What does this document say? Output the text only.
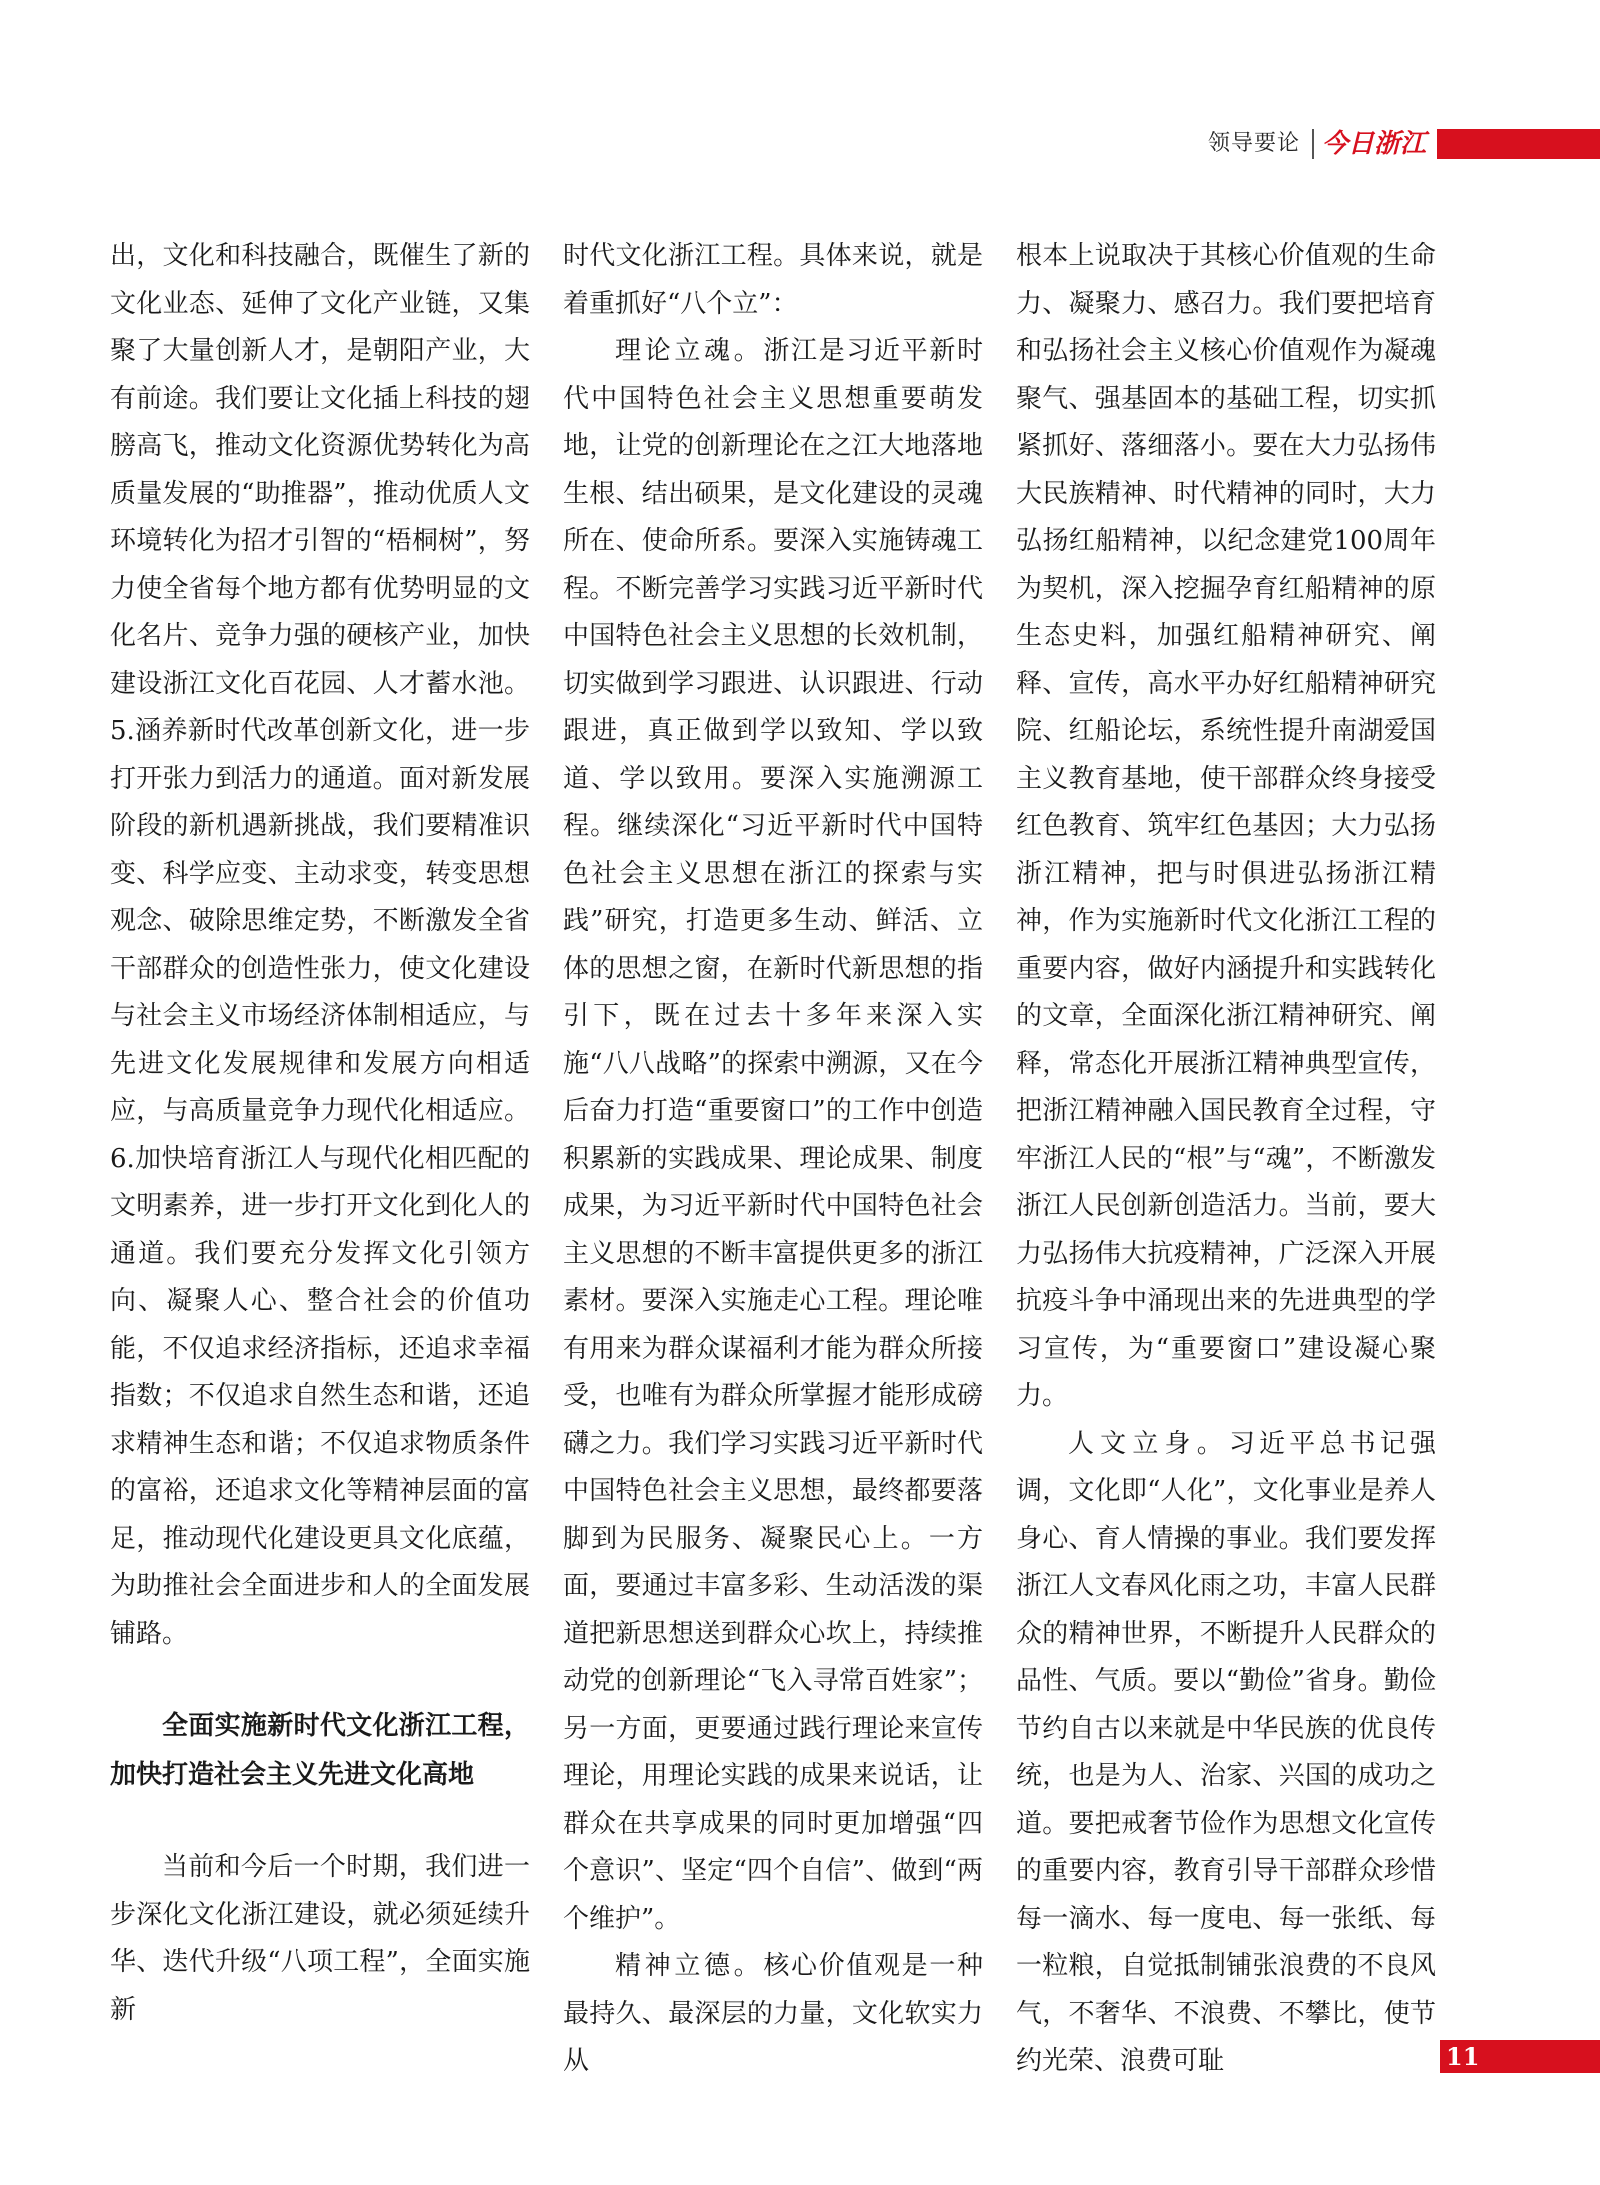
领导要论 今日浙江

出，文化和科技融合，既催生了新的文化业态、延伸了文化产业链，又集聚了大量创新人才，是朝阳产业，大有前途。我们要让文化插上科技的翅膀高飞，推动文化资源优势转化为高质量发展的“助推器”，推动优质人文环境转化为招才引智的“梧桐树”，努力使全省每个地方都有优势明显的文化名片、竞争力强的硬核产业，加快建设浙江文化百花园、人才蓄水池。5.涵养新时代改革创新文化，进一步打开张力到活力的通道。面对新发展阶段的新机遇新挑战，我们要精准识变、科学应变、主动求变，转变思想观念、破除思维定势，不断激发全省干部群众的创造性张力，使文化建设与社会主义市场经济体制相适应，与先进文化发展规律和发展方向相适应，与高质量竞争力现代化相适应。6.加快培育浙江人与现代化相匹配的文明素养，进一步打开文化到化人的通道。我们要充分发挥文化引领方向、凝聚人心、整合社会的价值功能，不仅追求经济指标，还追求幸福指数；不仅追求自然生态和谐，还追求精神生态和谐；不仅追求物质条件的富裕，还追求文化等精神层面的富足，推动现代化建设更具文化底蕴，为助推社会全面进步和人的全面发展铺路。

全面实施新时代文化浙江工程，加快打造社会主义先进文化高地

当前和今后一个时期，我们进一步深化文化浙江建设，就必须延续升华、迭代升级“八项工程”，全面实施新

时代文化浙江工程。具体来说，就是着重抓好“八个立”：

理论立魂。浙江是习近平新时代中国特色社会主义思想重要萌发地，让党的创新理论在之江大地落地生根、结出硕果，是文化建设的灵魂所在、使命所系。要深入实施铸魂工程。不断完善学习实践习近平新时代中国特色社会主义思想的长效机制，切实做到学习跟进、认识跟进、行动跟进，真正做到学以致知、学以致道、学以致用。要深入实施溯源工程。继续深化“习近平新时代中国特色社会主义思想在浙江的探索与实践”研究，打造更多生动、鲜活、立体的思想之窗，在新时代新思想的指引下，既在过去十多年来深入实施“八八战略”的探索中溯源，又在今后奋力打造“重要窗口”的工作中创造积累新的实践成果、理论成果、制度成果，为习近平新时代中国特色社会主义思想的不断丰富提供更多的浙江素材。要深入实施走心工程。理论唯有用来为群众谋福利才能为群众所接受，也唯有为群众所掌握才能形成磅礴之力。我们学习实践习近平新时代中国特色社会主义思想，最终都要落脚到为民服务、凝聚民心上。一方面，要通过丰富多彩、生动活泼的渠道把新思想送到群众心坎上，持续推动党的创新理论“飞入寻常百姓家”；另一方面，更要通过践行理论来宣传理论，用理论实践的成果来说话，让群众在共享成果的同时更加增强“四个意识”、坚定“四个自信”、做到“两个维护”。

精神立德。核心价值观是一种最持久、最深层的力量，文化软实力从

根本上说取决于其核心价值观的生命力、凝聚力、感召力。我们要把培育和弘扬社会主义核心价值观作为凝魂聚气、强基固本的基础工程，切实抓紧抓好、落细落小。要在大力弘扬伟大民族精神、时代精神的同时，大力弘扬红船精神，以纪念建党100周年为契机，深入挖掘孕育红船精神的原生态史料，加强红船精神研究、阐释、宣传，高水平办好红船精神研究院、红船论坛，系统性提升南湖爱国主义教育基地，使干部群众终身接受红色教育、筑牢红色基因；大力弘扬浙江精神，把与时俱进弘扬浙江精神，作为实施新时代文化浙江工程的重要内容，做好内涵提升和实践转化的文章，全面深化浙江精神研究、阐释，常态化开展浙江精神典型宣传，把浙江精神融入国民教育全过程，守牢浙江人民的“根”与“魂”，不断激发浙江人民创新创造活力。当前，要大力弘扬伟大抗疫精神，广泛深入开展抗疫斗争中涌现出来的先进典型的学习宣传，为“重要窗口”建设凝心聚力。

人文立身。习近平总书记强调，文化即“人化”，文化事业是养人身心、育人情操的事业。我们要发挥浙江人文春风化雨之功，丰富人民群众的精神世界，不断提升人民群众的品性、气质。要以“勤俭”省身。勤俭节约自古以来就是中华民族的优良传统，也是为人、治家、兴国的成功之道。要把戒奢节俭作为思想文化宣传的重要内容，教育引导干部群众珍惜每一滴水、每一度电、每一张纸、每一粒粮，自觉抵制铺张浪费的不良风气，不奢华、不浪费、不攀比，使节约光荣、浪费可耻	11
